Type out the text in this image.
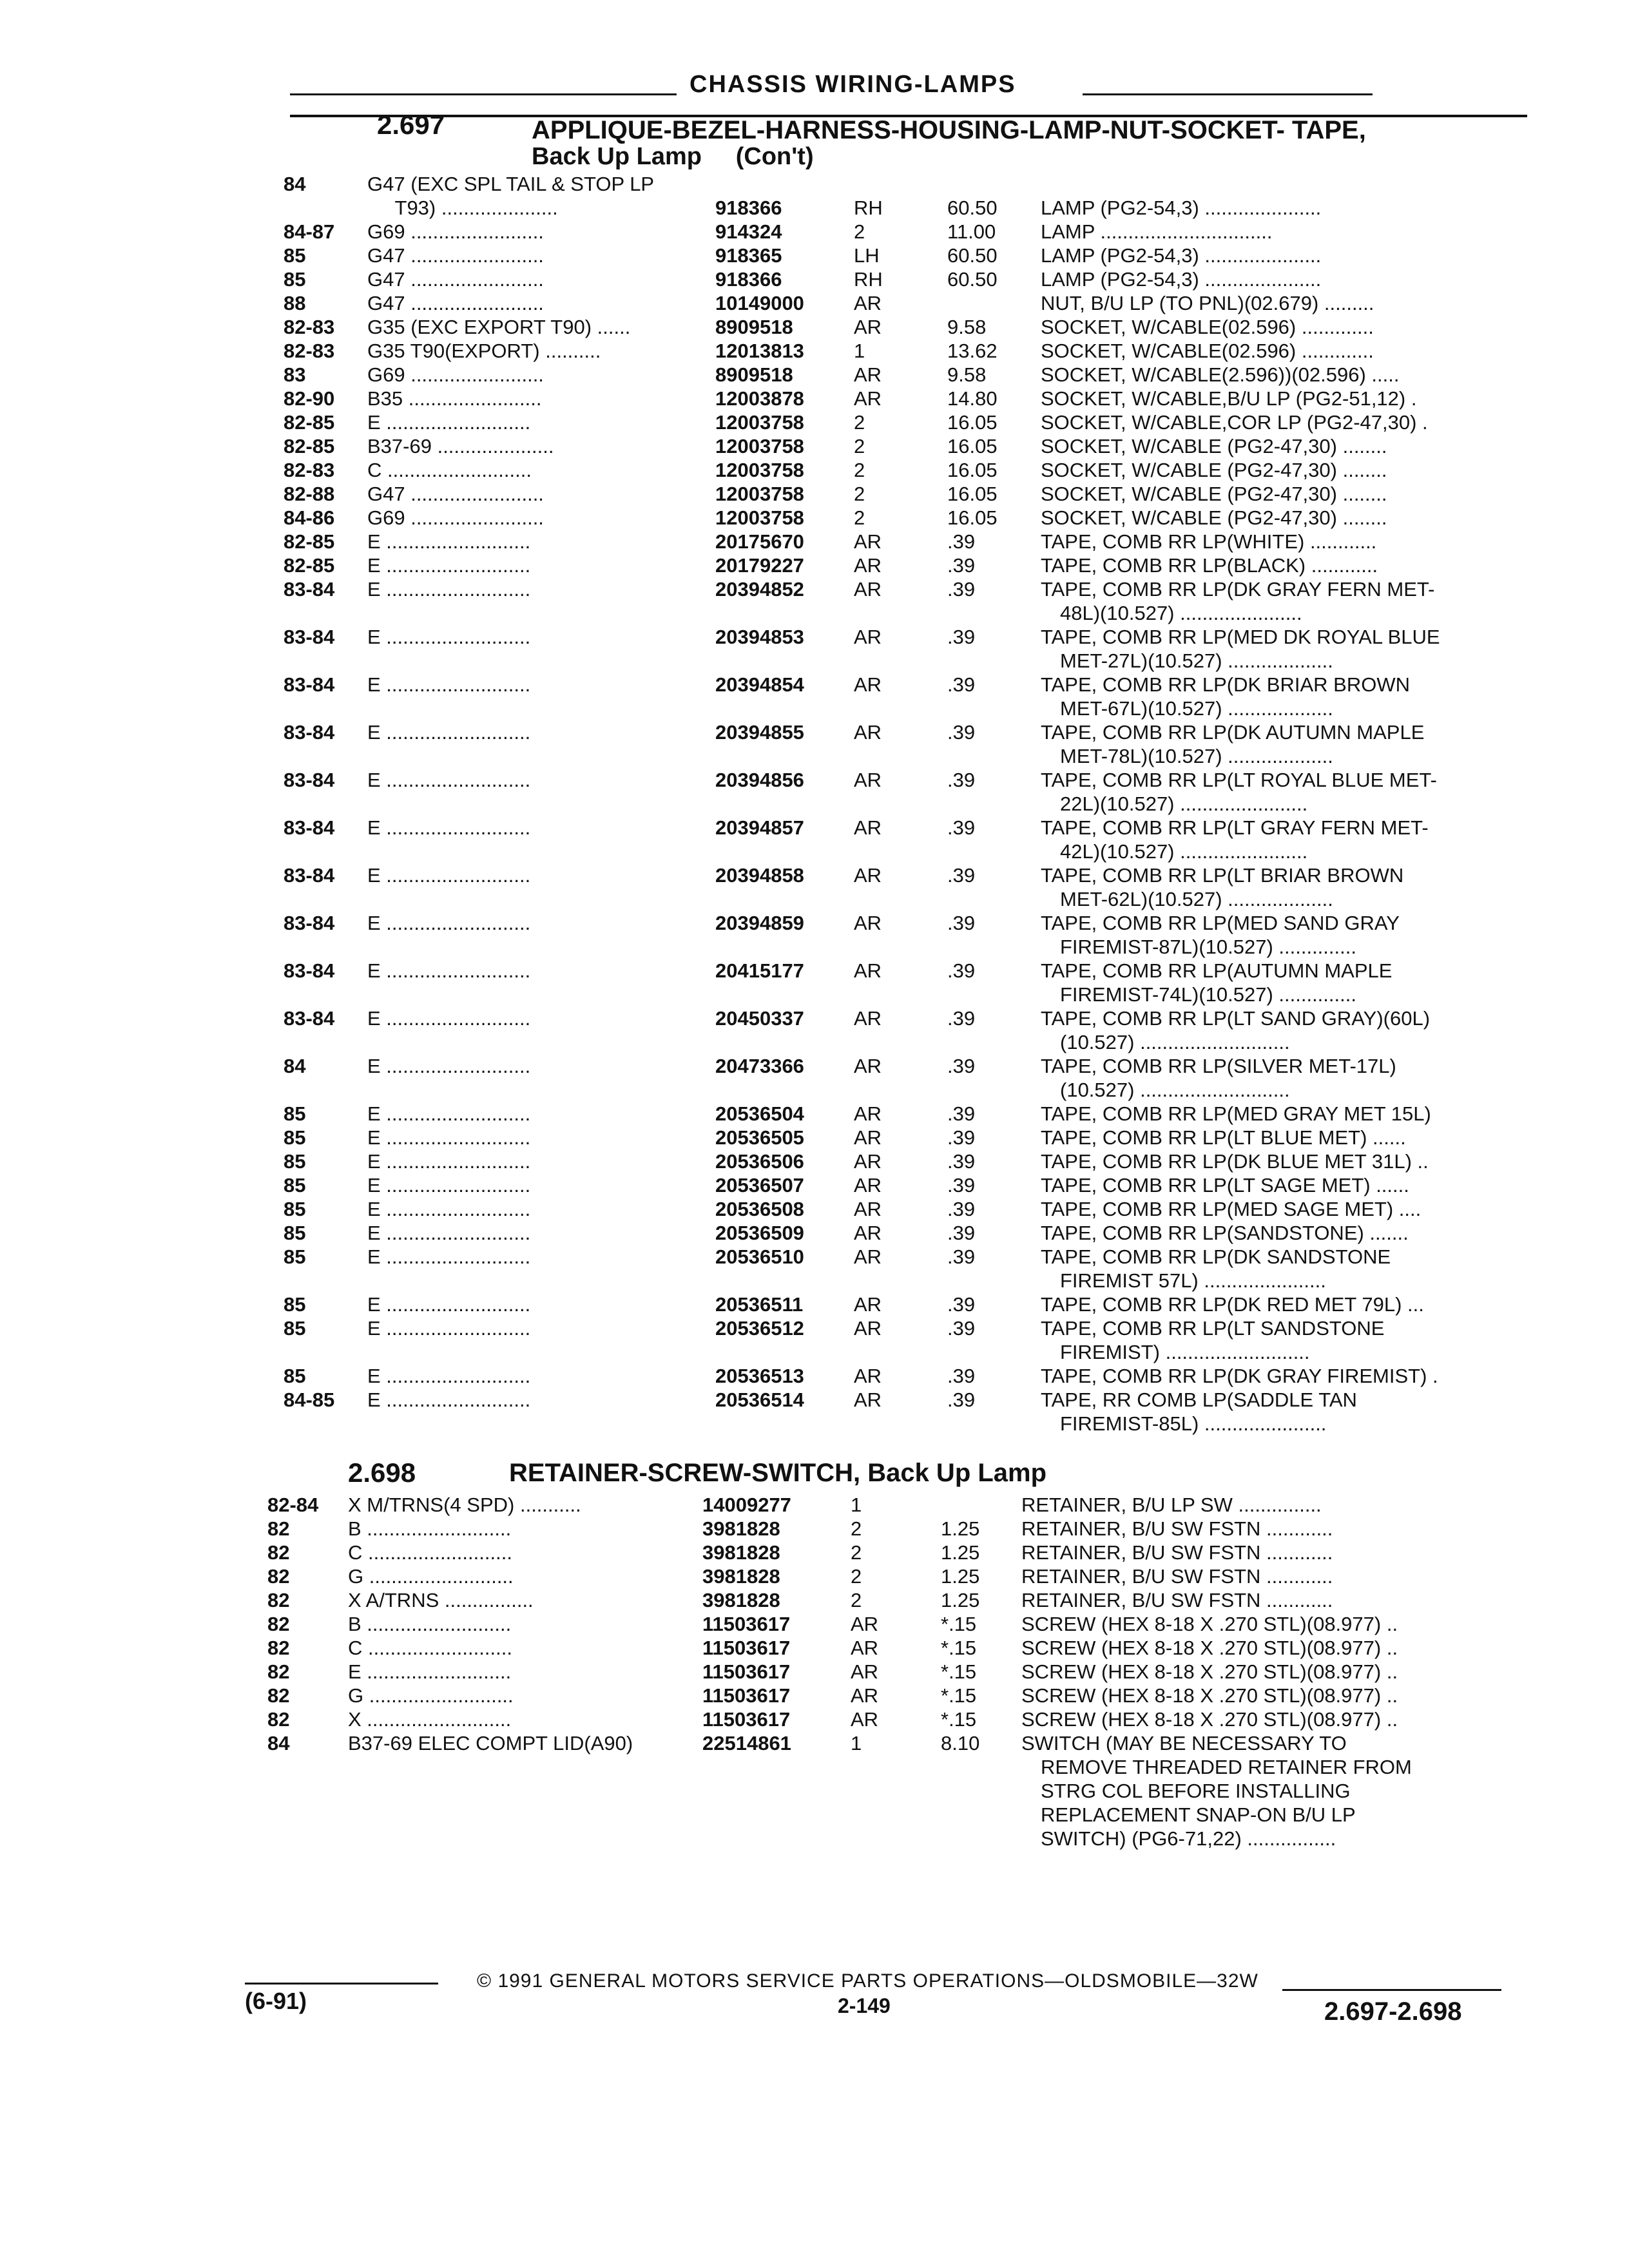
CHASSIS WIRING-LAMPS
2.697	APPLIQUE-BEZEL-HARNESS-HOUSING-LAMP-NUT-SOCKET- TAPE,
Back Up Lamp     (Con't)
84	G47 (EXC SPL TAIL & STOP LP
T93) .....................	918366	RH	60.50 LAMP (PG2-54,3) .....................
84-87 G69 ........................	914324	2	11.00 LAMP ...............................
85	G47 ........................	918365	LH	60.50 LAMP (PG2-54,3) .....................
85	G47 ........................	918366	RH	60.50 LAMP (PG2-54,3) .....................
88	G47 ........................	10149000 AR	NUT, B/U LP (TO PNL)(02.679) .........
82-83 G35 (EXC EXPORT T90) ......	8909518	AR	9.58	SOCKET, W/CABLE(02.596) .............
82-83 G35 T90(EXPORT) ..........	12013813 1	13.62 SOCKET, W/CABLE(02.596) .............
83	G69 ........................	8909518	AR	9.58	SOCKET, W/CABLE(2.596))(02.596) .....
82-90 B35 ........................	12003878 AR	14.80 SOCKET, W/CABLE,B/U LP (PG2-51,12) .
82-85 E ..........................	12003758 2	16.05 SOCKET, W/CABLE,COR LP (PG2-47,30) .
82-85 B37-69 .....................	12003758 2	16.05 SOCKET, W/CABLE (PG2-47,30) ........
82-83 C ..........................	12003758 2	16.05 SOCKET, W/CABLE (PG2-47,30) ........
82-88 G47 ........................	12003758 2	16.05 SOCKET, W/CABLE (PG2-47,30) ........
84-86 G69 ........................	12003758 2	16.05 SOCKET, W/CABLE (PG2-47,30) ........
82-85 E ..........................	20175670 AR	.39	TAPE, COMB RR LP(WHITE) ............
82-85 E ..........................	20179227 AR	.39	TAPE, COMB RR LP(BLACK) ............
83-84 E ..........................	20394852 AR	.39	TAPE, COMB RR LP(DK GRAY FERN MET-
48L)(10.527) ......................
83-84 E ..........................	20394853 AR	.39	TAPE, COMB RR LP(MED DK ROYAL BLUE
MET-27L)(10.527) ...................
83-84 E ..........................	20394854 AR	.39	TAPE, COMB RR LP(DK BRIAR BROWN
MET-67L)(10.527) ...................
83-84 E ..........................	20394855 AR	.39	TAPE, COMB RR LP(DK AUTUMN MAPLE
MET-78L)(10.527) ...................
83-84 E ..........................	20394856 AR	.39	TAPE, COMB RR LP(LT ROYAL BLUE MET-
22L)(10.527) .......................
83-84 E ..........................	20394857 AR	.39	TAPE, COMB RR LP(LT GRAY FERN MET-
42L)(10.527) .......................
83-84 E ..........................	20394858 AR	.39	TAPE, COMB RR LP(LT BRIAR BROWN
MET-62L)(10.527) ...................
83-84 E ..........................	20394859 AR	.39	TAPE, COMB RR LP(MED SAND GRAY
FIREMIST-87L)(10.527) ..............
83-84 E ..........................	20415177 AR	.39	TAPE, COMB RR LP(AUTUMN MAPLE
FIREMIST-74L)(10.527) ..............
83-84 E ..........................	20450337 AR	.39	TAPE, COMB RR LP(LT SAND GRAY)(60L)
(10.527) ...........................
84	E ..........................	20473366 AR	.39	TAPE, COMB RR LP(SILVER MET-17L)
(10.527) ...........................
85	E ..........................	20536504 AR	.39	TAPE, COMB RR LP(MED GRAY MET 15L)
85	E ..........................	20536505 AR	.39	TAPE, COMB RR LP(LT BLUE MET) ......
85	E ..........................	20536506 AR	.39	TAPE, COMB RR LP(DK BLUE MET 31L) ..
85	E ..........................	20536507 AR	.39	TAPE, COMB RR LP(LT SAGE MET) ......
85	E ..........................	20536508 AR	.39	TAPE, COMB RR LP(MED SAGE MET) ....
85	E ..........................	20536509 AR	.39	TAPE, COMB RR LP(SANDSTONE) .......
85	E ..........................	20536510 AR	.39	TAPE, COMB RR LP(DK SANDSTONE
FIREMIST 57L) ......................
85	E ..........................	20536511	AR	.39	TAPE, COMB RR LP(DK RED MET 79L) ...
85	E ..........................	20536512 AR	.39	TAPE, COMB RR LP(LT SANDSTONE
FIREMIST) ..........................
85	E ..........................	20536513 AR	.39	TAPE, COMB RR LP(DK GRAY FIREMIST) .
84-85 E ..........................	20536514 AR	.39	TAPE, RR COMB LP(SADDLE TAN
FIREMIST-85L) ......................
2.698	RETAINER-SCREW-SWITCH, Back Up Lamp
82-84 X M/TRNS(4 SPD) ...........	14009277	1	RETAINER, B/U LP SW ...............
82	B ..........................	3981828	2	1.25 RETAINER, B/U SW FSTN ............
82	C ..........................	3981828	2	1.25 RETAINER, B/U SW FSTN ............
82	G ..........................	3981828	2	1.25 RETAINER, B/U SW FSTN ............
82	X A/TRNS ................	3981828	2	1.25 RETAINER, B/U SW FSTN ............
82	B ..........................	11503617	AR	*.15 SCREW (HEX 8-18 X .270 STL)(08.977) ..
82	C ..........................	11503617	AR	*.15 SCREW (HEX 8-18 X .270 STL)(08.977) ..
82	E ..........................	11503617	AR	*.15 SCREW (HEX 8-18 X .270 STL)(08.977) ..
82	G ..........................	11503617	AR	*.15 SCREW (HEX 8-18 X .270 STL)(08.977) ..
82	X ..........................	11503617	AR	*.15 SCREW (HEX 8-18 X .270 STL)(08.977) ..
84	B37-69 ELEC COMPT LID(A90)	22514861	1	8.10 SWITCH (MAY BE NECESSARY TO
REMOVE THREADED RETAINER FROM
STRG COL BEFORE INSTALLING
REPLACEMENT SNAP-ON B/U LP
SWITCH) (PG6-71,22) ................
© 1991 GENERAL MOTORS SERVICE PARTS OPERATIONS—OLDSMOBILE—32W
(6-91)	2-149	2.697-2.698
